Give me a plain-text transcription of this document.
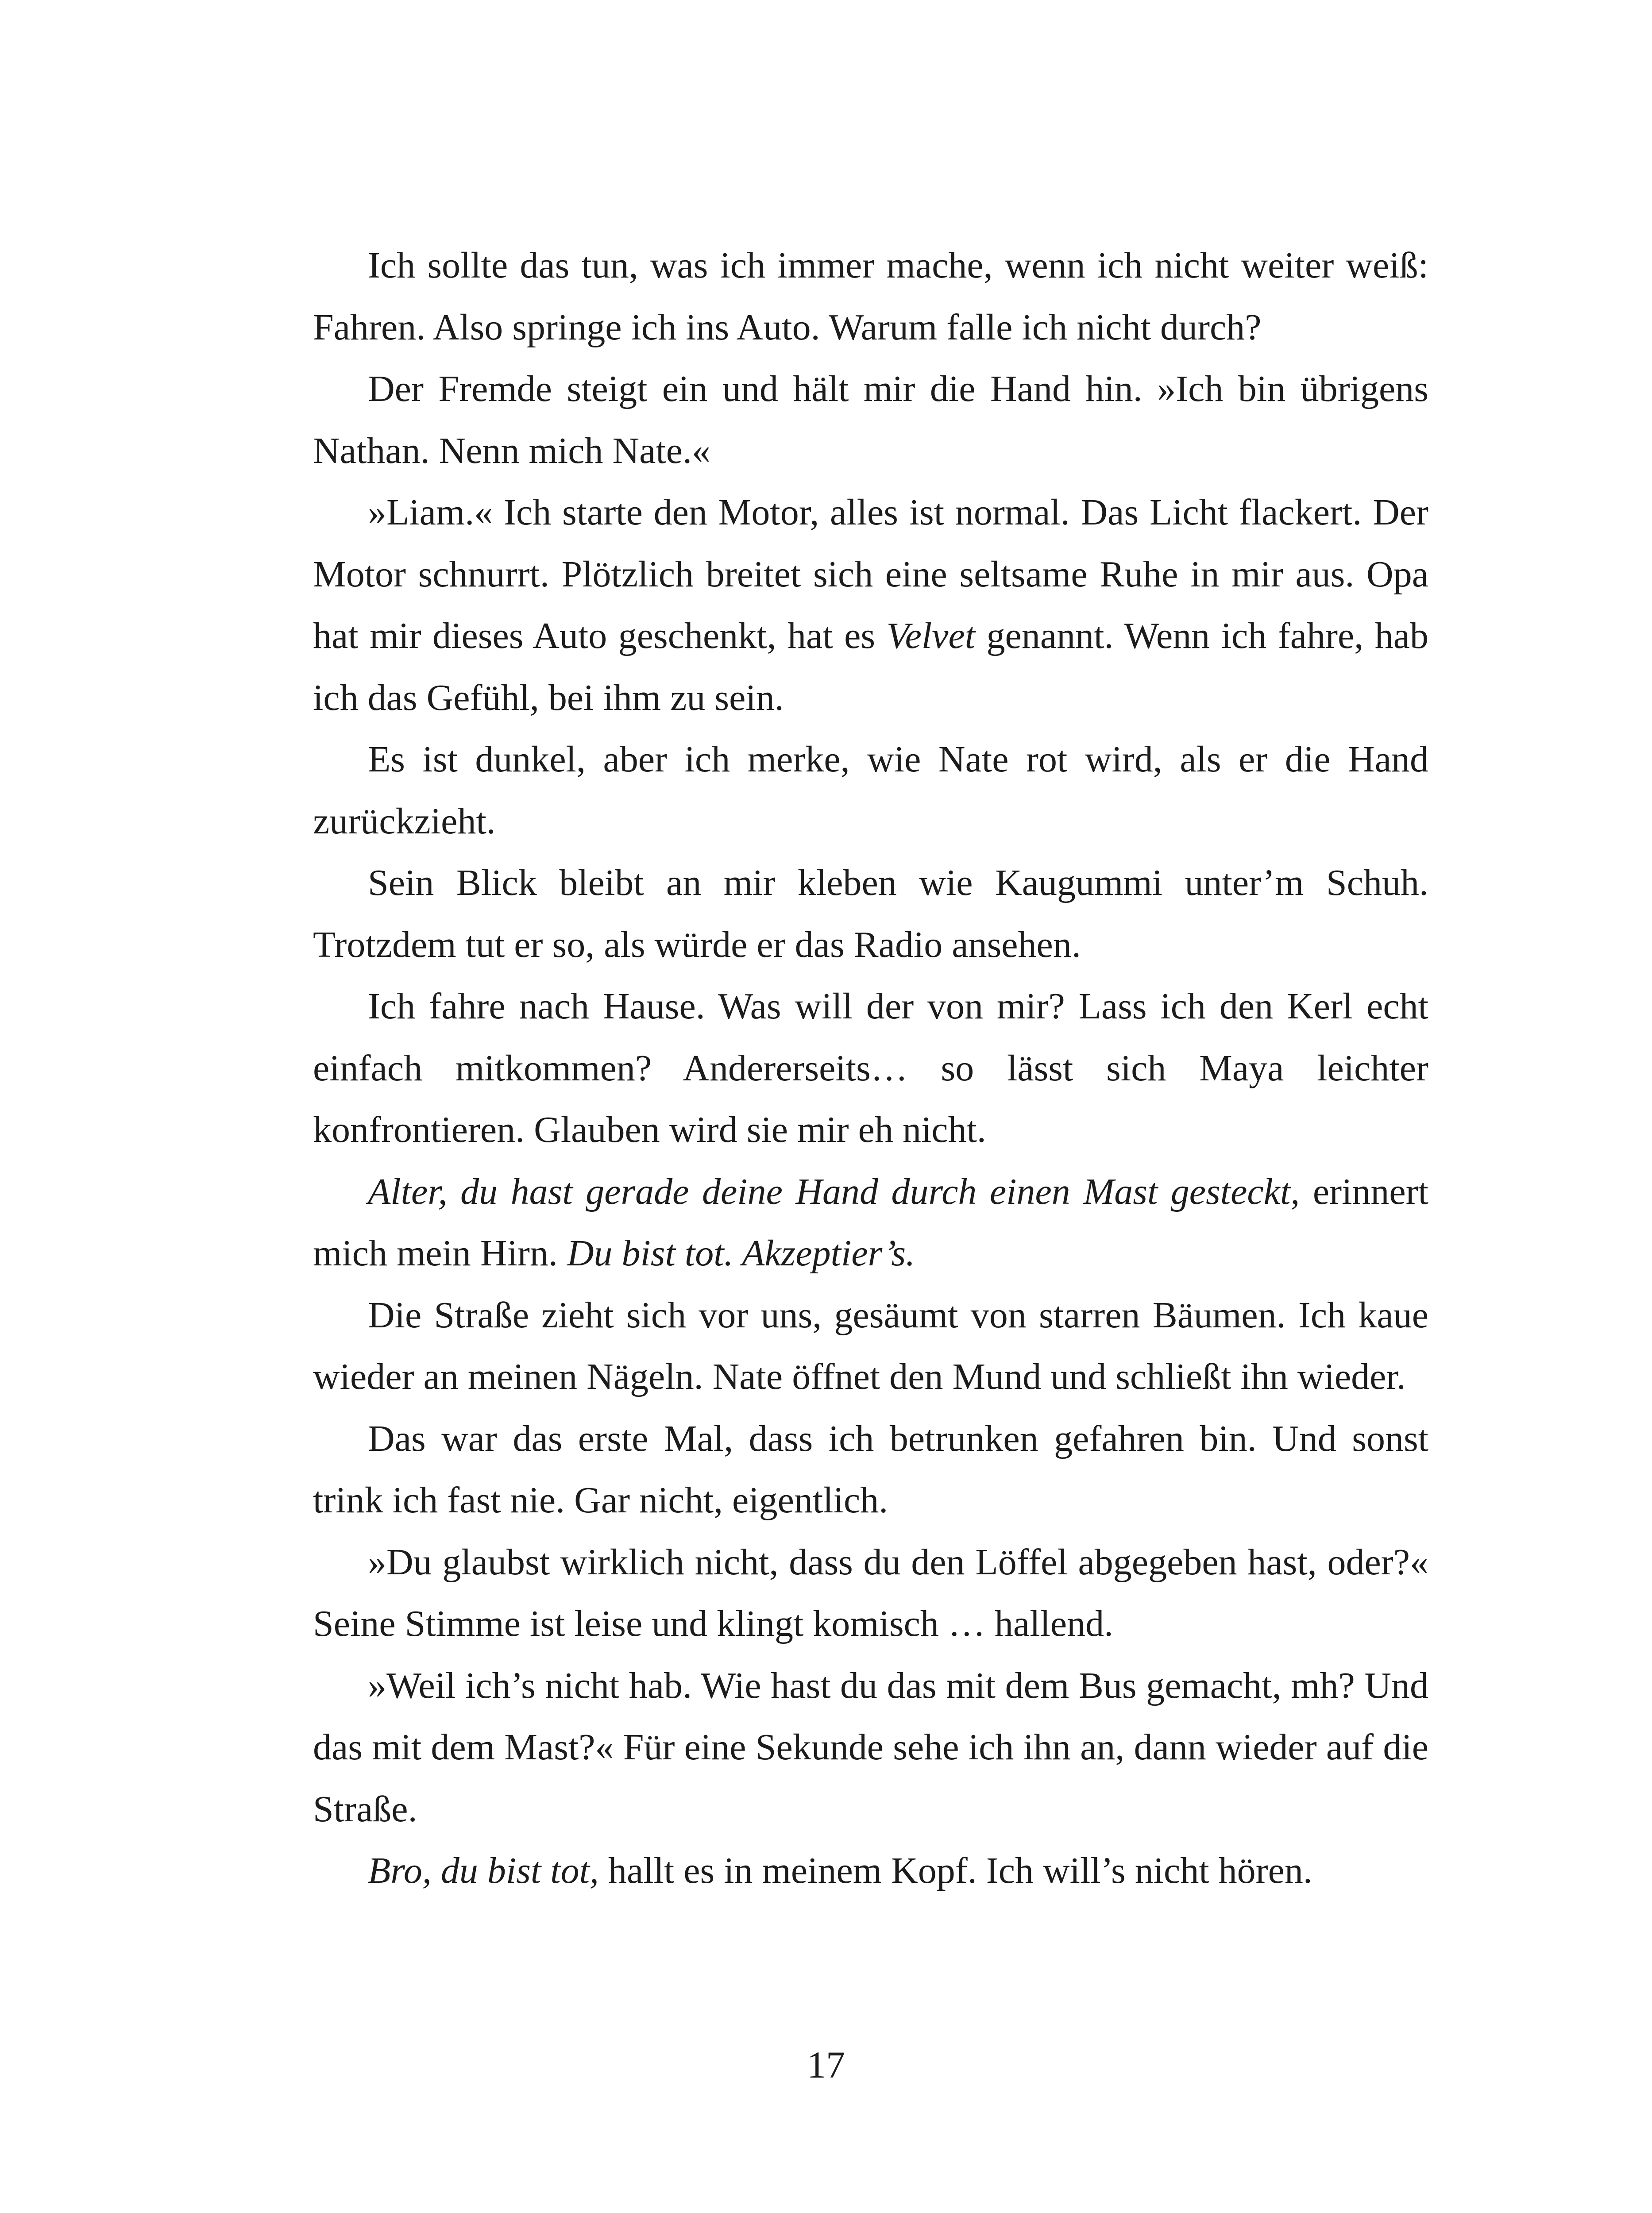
Ich sollte das tun, was ich immer mache, wenn ich nicht weiter weiß: Fahren. Also springe ich ins Auto. Warum falle ich nicht durch?

Der Fremde steigt ein und hält mir die Hand hin. »Ich bin übrigens Nathan. Nenn mich Nate.«

»Liam.« Ich starte den Motor, alles ist normal. Das Licht flackert. Der Motor schnurrt. Plötzlich breitet sich eine seltsame Ruhe in mir aus. Opa hat mir dieses Auto geschenkt, hat es Velvet genannt. Wenn ich fahre, hab ich das Gefühl, bei ihm zu sein.

Es ist dunkel, aber ich merke, wie Nate rot wird, als er die Hand zurückzieht.

Sein Blick bleibt an mir kleben wie Kaugummi unter’m Schuh. Trotzdem tut er so, als würde er das Radio ansehen.

Ich fahre nach Hause. Was will der von mir? Lass ich den Kerl echt einfach mitkommen? Andererseits… so lässt sich Maya leichter konfrontieren. Glauben wird sie mir eh nicht.

Alter, du hast gerade deine Hand durch einen Mast gesteckt, erinnert mich mein Hirn. Du bist tot. Akzeptier’s.

Die Straße zieht sich vor uns, gesäumt von starren Bäumen. Ich kaue wieder an meinen Nägeln. Nate öffnet den Mund und schließt ihn wieder.

Das war das erste Mal, dass ich betrunken gefahren bin. Und sonst trink ich fast nie. Gar nicht, eigentlich.

»Du glaubst wirklich nicht, dass du den Löffel abgegeben hast, oder?« Seine Stimme ist leise und klingt komisch … hallend.

»Weil ich’s nicht hab. Wie hast du das mit dem Bus gemacht, mh? Und das mit dem Mast?« Für eine Sekunde sehe ich ihn an, dann wieder auf die Straße.

Bro, du bist tot, hallt es in meinem Kopf. Ich will’s nicht hören.

17
